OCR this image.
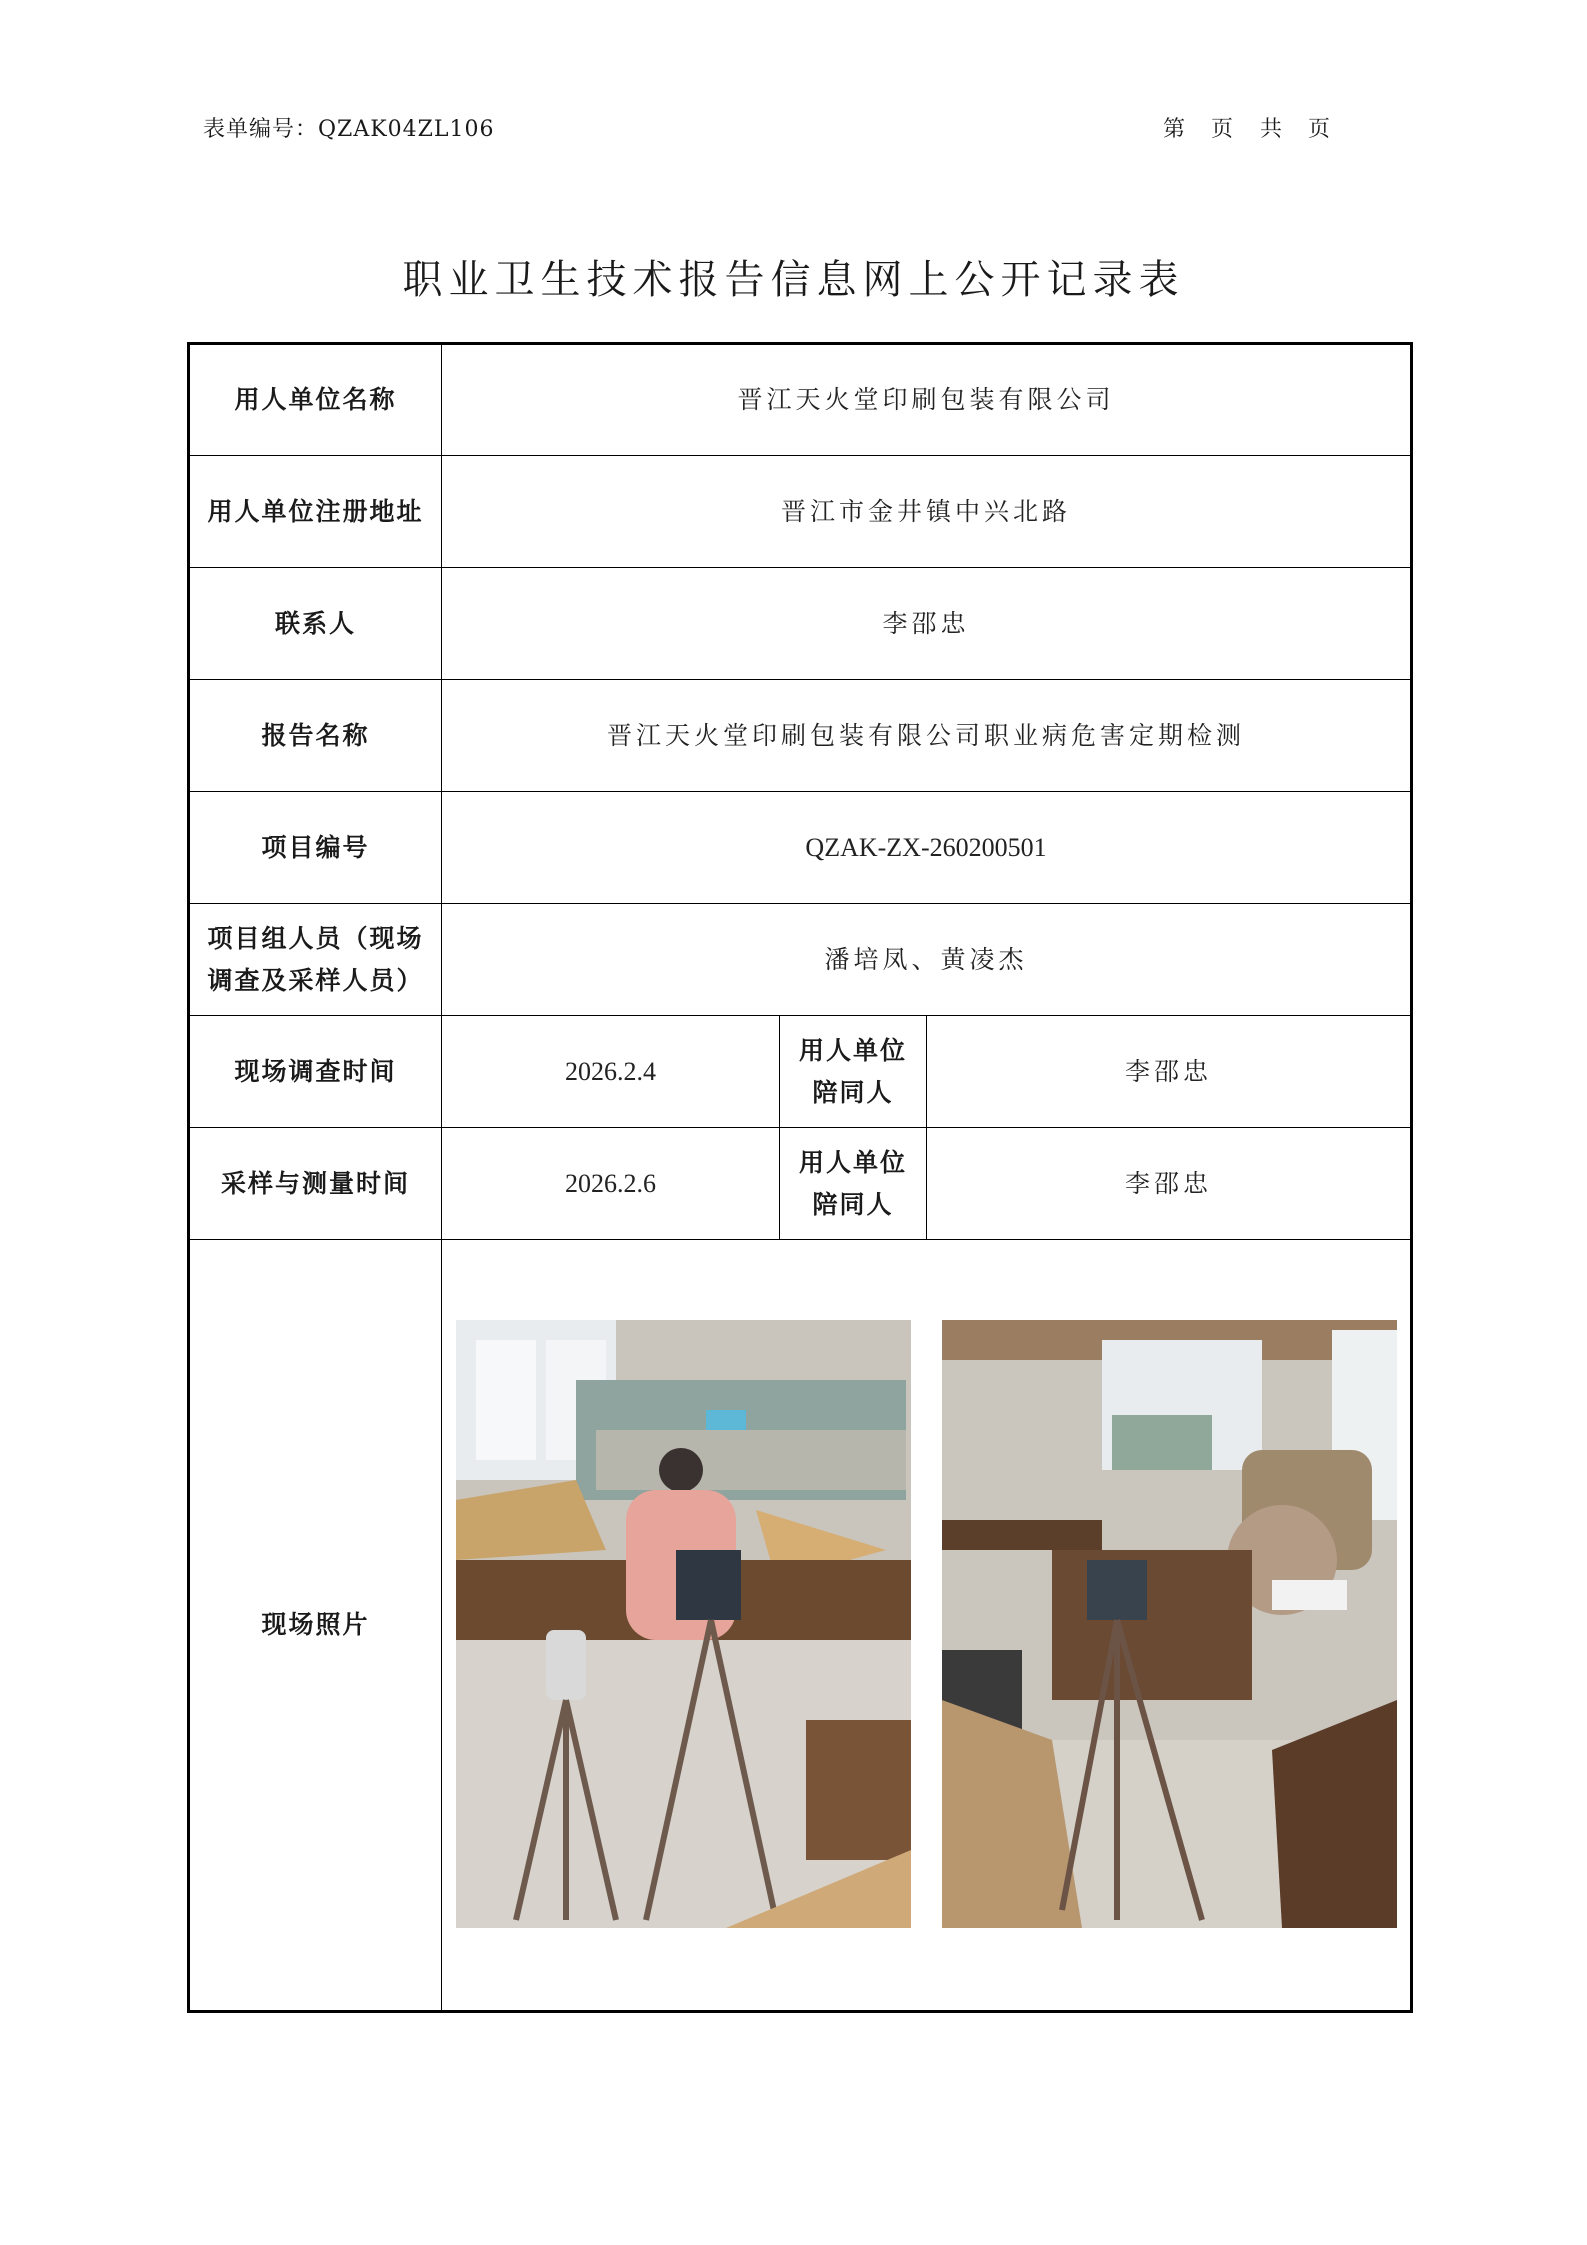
表单编号：QZAK04ZL106	第 页 共 页
职业卫生技术报告信息网上公开记录表
用人单位名称	晋江天火堂印刷包装有限公司		
用人单位注册地址	晋江市金井镇中兴北路		
联系人	李邵忠		
报告名称	晋江天火堂印刷包装有限公司职业病危害定期检测		
项目编号	QZAK-ZX-260200501		

项目组人员（现场
调查及采样人员）	潘培凤、黄凌杰		
现场调查时间	2026.2.4	用人单位
陪同人	李邵忠
采样与测量时间	2026.2.6	用人单位
陪同人	李邵忠
现场照片	
